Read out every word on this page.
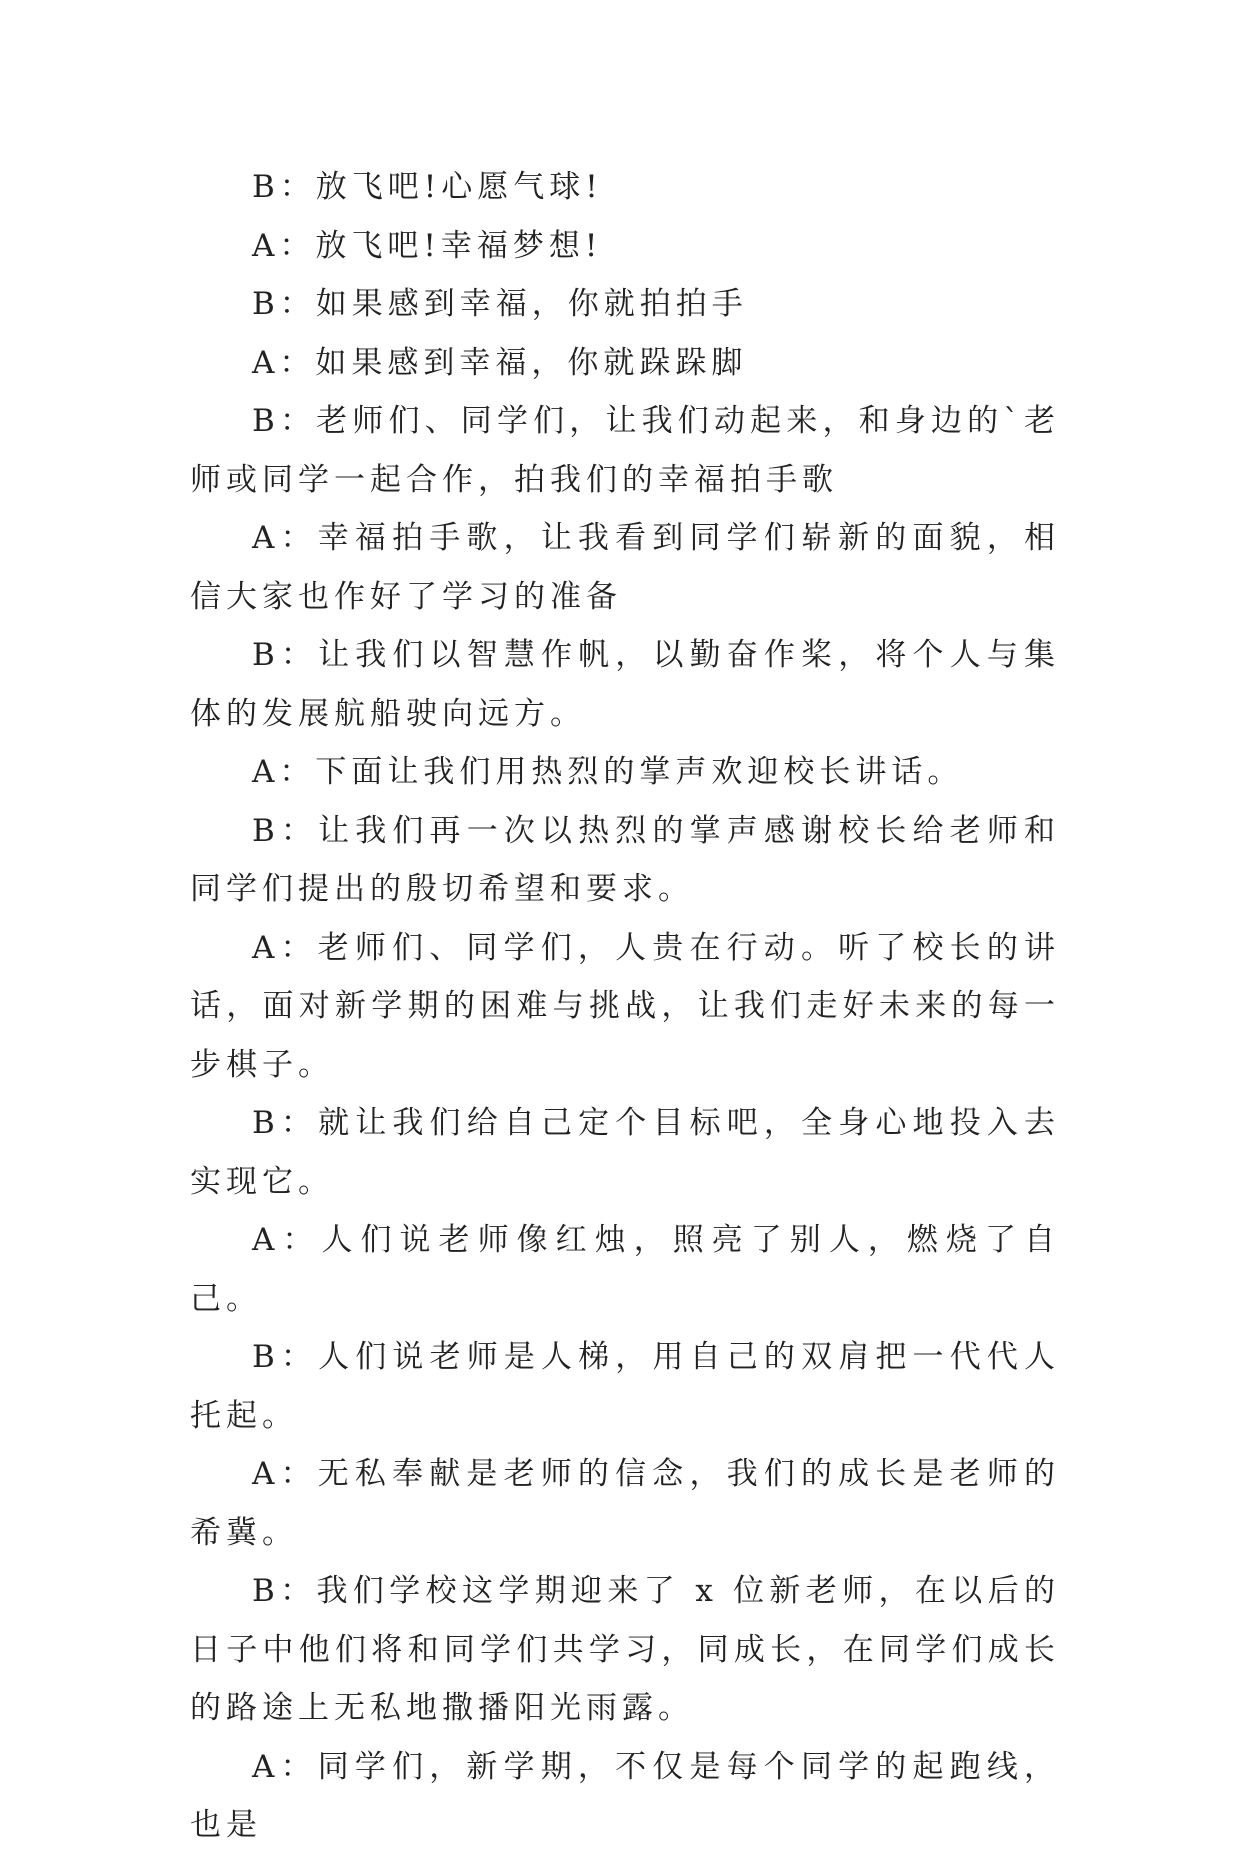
B：放飞吧!心愿气球!

A：放飞吧!幸福梦想!

B：如果感到幸福，你就拍拍手

A：如果感到幸福，你就跺跺脚

B：老师们、同学们，让我们动起来，和身边的`老师或同学一起合作，拍我们的幸福拍手歌

A：幸福拍手歌，让我看到同学们崭新的面貌，相信大家也作好了学习的准备

B：让我们以智慧作帆，以勤奋作桨，将个人与集体的发展航船驶向远方。

A：下面让我们用热烈的掌声欢迎校长讲话。

B：让我们再一次以热烈的掌声感谢校长给老师和同学们提出的殷切希望和要求。

A：老师们、同学们，人贵在行动。听了校长的讲话，面对新学期的困难与挑战，让我们走好未来的每一步棋子。

B：就让我们给自己定个目标吧，全身心地投入去实现它。

A：人们说老师像红烛，照亮了别人，燃烧了自己。

B：人们说老师是人梯，用自己的双肩把一代代人托起。

A：无私奉献是老师的信念，我们的成长是老师的希冀。

B：我们学校这学期迎来了 x 位新老师，在以后的日子中他们将和同学们共学习，同成长，在同学们成长的路途上无私地撒播阳光雨露。

A：同学们，新学期，不仅是每个同学的起跑线，也是
